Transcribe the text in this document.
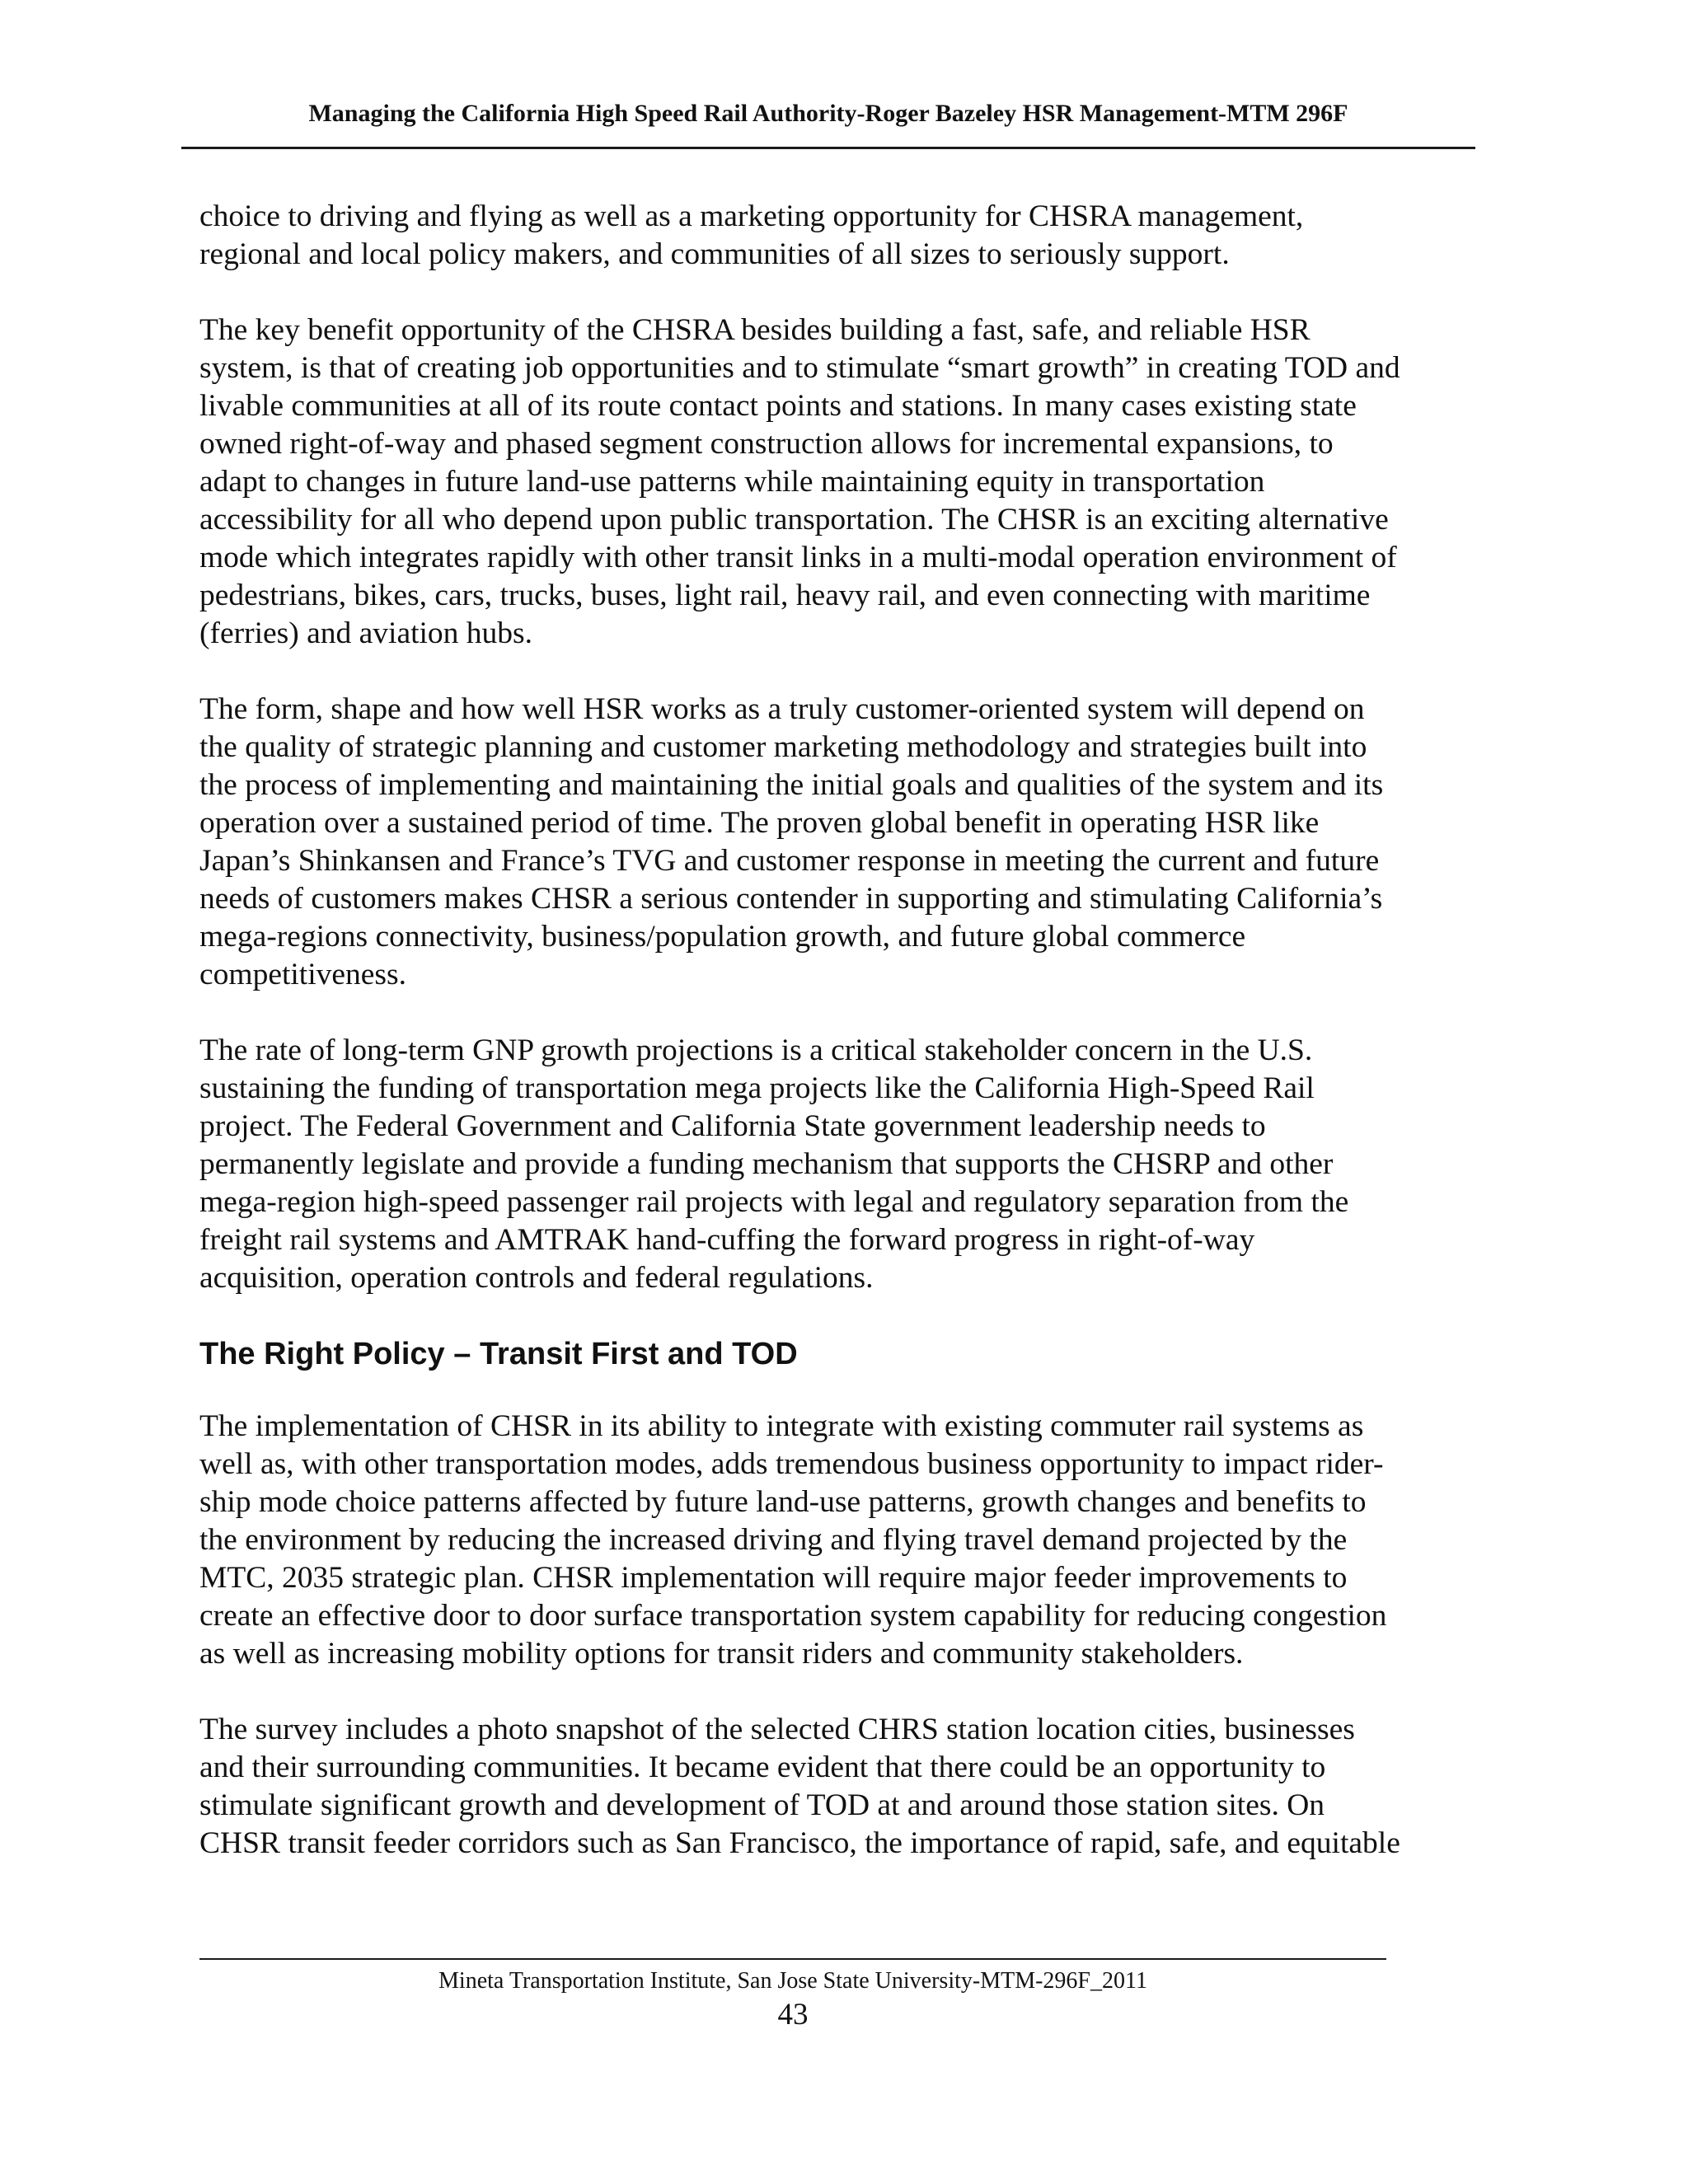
Managing the California High Speed Rail Authority-Roger Bazeley HSR Management-MTM 296F

choice to driving and flying as well as a marketing opportunity for CHSRA management,
regional and local policy makers, and communities of all sizes to seriously support.

The key benefit opportunity of the CHSRA besides building a fast, safe, and reliable HSR
system, is that of creating job opportunities and to stimulate “smart growth” in creating TOD and
livable communities at all of its route contact points and stations. In many cases existing state
owned right-of-way and phased segment construction allows for incremental expansions, to
adapt to changes in future land-use patterns while maintaining equity in transportation
accessibility for all who depend upon public transportation. The CHSR is an exciting alternative
mode which integrates rapidly with other transit links in a multi-modal operation environment of
pedestrians, bikes, cars, trucks, buses, light rail, heavy rail, and even connecting with maritime
(ferries) and aviation hubs.

The form, shape and how well HSR works as a truly customer-oriented system will depend on
the quality of strategic planning and customer marketing methodology and strategies built into
the process of implementing and maintaining the initial goals and qualities of the system and its
operation over a sustained period of time. The proven global benefit in operating HSR like
Japan’s Shinkansen and France’s TVG and customer response in meeting the current and future
needs of customers makes CHSR a serious contender in supporting and stimulating California’s
mega-regions connectivity, business/population growth, and future global commerce
competitiveness.

The rate of long-term GNP growth projections is a critical stakeholder concern in the U.S.
sustaining the funding of transportation mega projects like the California High-Speed Rail
project. The Federal Government and California State government leadership needs to
permanently legislate and provide a funding mechanism that supports the CHSRP and other
mega-region high-speed passenger rail projects with legal and regulatory separation from the
freight rail systems and AMTRAK hand-cuffing the forward progress in right-of-way
acquisition, operation controls and federal regulations.

The Right Policy – Transit First and TOD

The implementation of CHSR in its ability to integrate with existing commuter rail systems as
well as, with other transportation modes, adds tremendous business opportunity to impact rider-
ship mode choice patterns affected by future land-use patterns, growth changes and benefits to
the environment by reducing the increased driving and flying travel demand projected by the
MTC, 2035 strategic plan. CHSR implementation will require major feeder improvements to
create an effective door to door surface transportation system capability for reducing congestion
as well as increasing mobility options for transit riders and community stakeholders.

The survey includes a photo snapshot of the selected CHRS station location cities, businesses
and their surrounding communities. It became evident that there could be an opportunity to
stimulate significant growth and development of TOD at and around those station sites. On
CHSR transit feeder corridors such as San Francisco, the importance of rapid, safe, and equitable

Mineta Transportation Institute, San Jose State University-MTM-296F_2011
43
